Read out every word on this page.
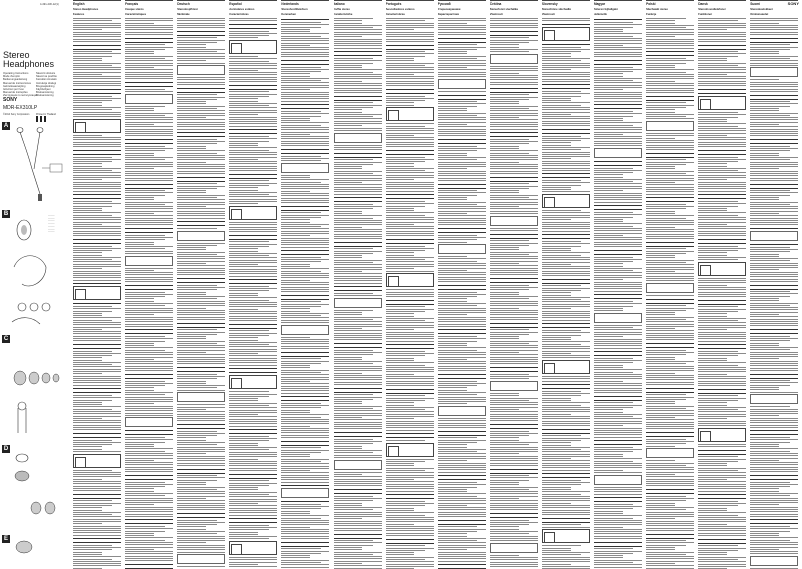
4-491-430-12(1)
Stereo
Headphones
Operating Instructions
Mode d'emploi
Bedienungsanleitung
Manual de instrucciones
Gebruiksaanwijzing
Istruzioni per l'uso
Manual de instruções
Инструкция по эксплуатации
Návod k obsluze
Návod na použitie
Kezelési útmutató
Instrukcja obsługi
Brugsvejledning
Käyttöohjeet
Bruksanvisning
Bruksanvisning
SONY
MDR-EX310LP
©2014 Sony Corporation	Printed in Thailand
A
B	———
———
———
———
———
———
———
C
D
E
English
Stereo Headphones
Features
Français
Casque stéréo
Caractéristiques
Deutsch
Stereokopfhörer
Merkmale
Español
Auriculares estéreo
Características
Nederlands
Stereohoofdtelefoon
Kenmerken
Italiano
Cuffie stereo
Caratteristiche
Português
Auscultadores estéreo
Características
Русский
Стереонаушники
Характеристики
Čeština
Stereofonní sluchátka
Vlastnosti
Slovensky
Stereofónne slúchadlá
Vlastnosti
Magyar
Sztereó fejhallgató
Jellemzők
Polski
Słuchawki stereo
Funkcje
Dansk
Stereohovedtelefoner
Funktioner
Suomi
Stereokuulokkeet
Ominaisuudet
SONY
